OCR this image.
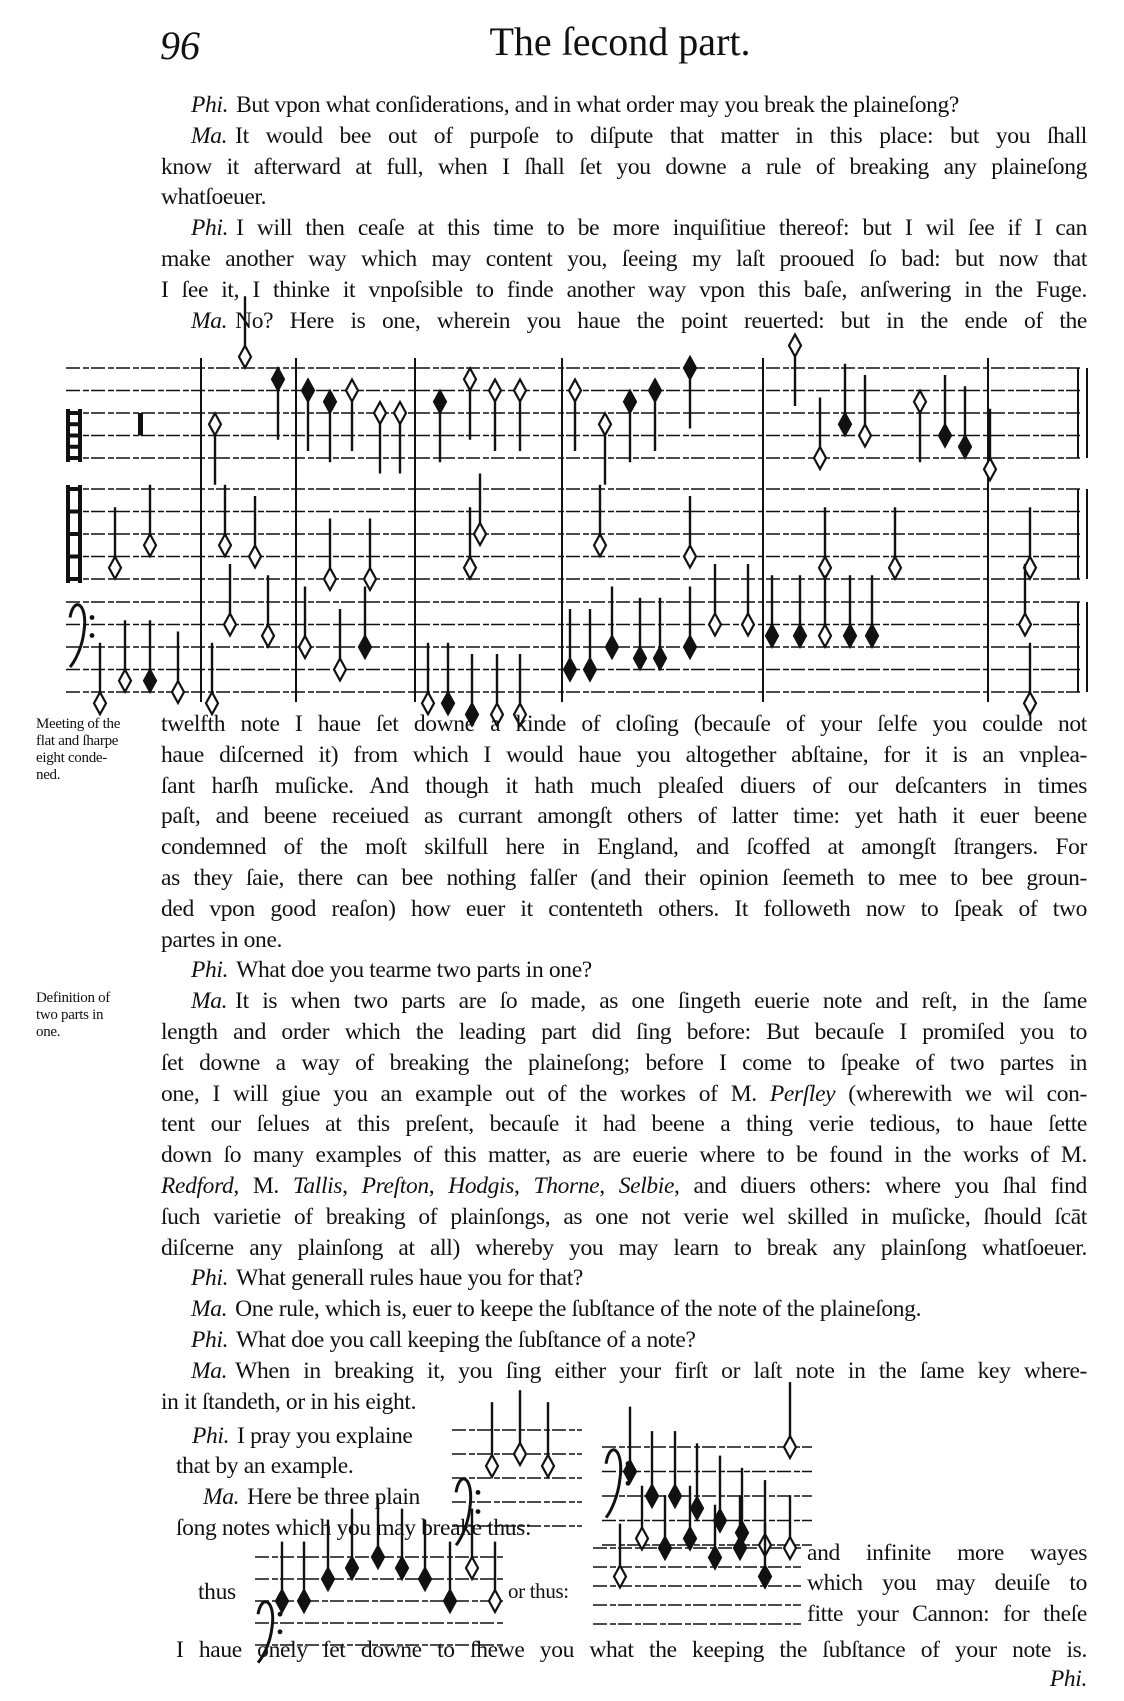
96	The ſecond part.
Phi. But vpon what conſiderations, and in what order may you break the plaineſong?
Ma. It would bee out of purpoſe to diſpute that matter in this place: but you ſhall
know it afterward at full, when I ſhall ſet you downe a rule of breaking any plaineſong
whatſoeuer.
Phi. I will then ceaſe at this time to be more inquiſitiue thereof: but I wil ſee if I can
make another way which may content you, ſeeing my laſt prooued ſo bad: but now that
I ſee it, I thinke it vnpoſsible to finde another way vpon this baſe, anſwering in the Fuge.
Ma. No? Here is one, wherein you haue the point reuerted: but in the ende of the
twelfth note I haue ſet downe a kinde of cloſing (becauſe of your ſelfe you coulde not
haue diſcerned it) from which I would haue you altogether abſtaine, for it is an vnplea-
ſant harſh muſicke. And though it hath much pleaſed diuers of our deſcanters in times
paſt, and beene receiued as currant amongſt others of latter time: yet hath it euer beene
condemned of the moſt skilfull here in England, and ſcoffed at amongſt ſtrangers. For
as they ſaie, there can bee nothing falſer (and their opinion ſeemeth to mee to bee groun-
ded vpon good reaſon) how euer it contenteth others. It followeth now to ſpeak of two
partes in one.
Phi. What doe you tearme two parts in one?
Ma. It is when two parts are ſo made, as one ſingeth euerie note and reſt, in the ſame
length and order which the leading part did ſing before: But becauſe I promiſed you to
ſet downe a way of breaking the plaineſong; before I come to ſpeake of two partes in
one, I will giue you an example out of the workes of M. Perſley (wherewith we wil con-
tent our ſelues at this preſent, becauſe it had beene a thing verie tedious, to haue ſette
down ſo many examples of this matter, as are euerie where to be found in the works of M.
Redford, M. Tallis, Preſton, Hodgis, Thorne, Selbie, and diuers others: where you ſhal find
ſuch varietie of breaking of plainſongs, as one not verie wel skilled in muſicke, ſhould ſcāt
diſcerne any plainſong at all) whereby you may learn to break any plainſong whatſoeuer.
Phi. What generall rules haue you for that?
Ma. One rule, which is, euer to keepe the ſubſtance of the note of the plaineſong.
Phi. What doe you call keeping the ſubſtance of a note?
Ma. When in breaking it, you ſing either your firſt or laſt note in the ſame key where-
in it ſtandeth, or in his eight.
Meeting of the
flat and ſharpe
eight conde-
ned.
Definition of
two parts in
one.
Phi. I pray you explaine
that by an example.
Ma. Here be three plain
ſong notes which you may breake thus:
thus	or thus:
and infinite more wayes
which you may deuiſe to
fitte your Cannon: for theſe
I haue onely ſet downe to ſhewe you what the keeping the ſubſtance of your note is.
Phi.
